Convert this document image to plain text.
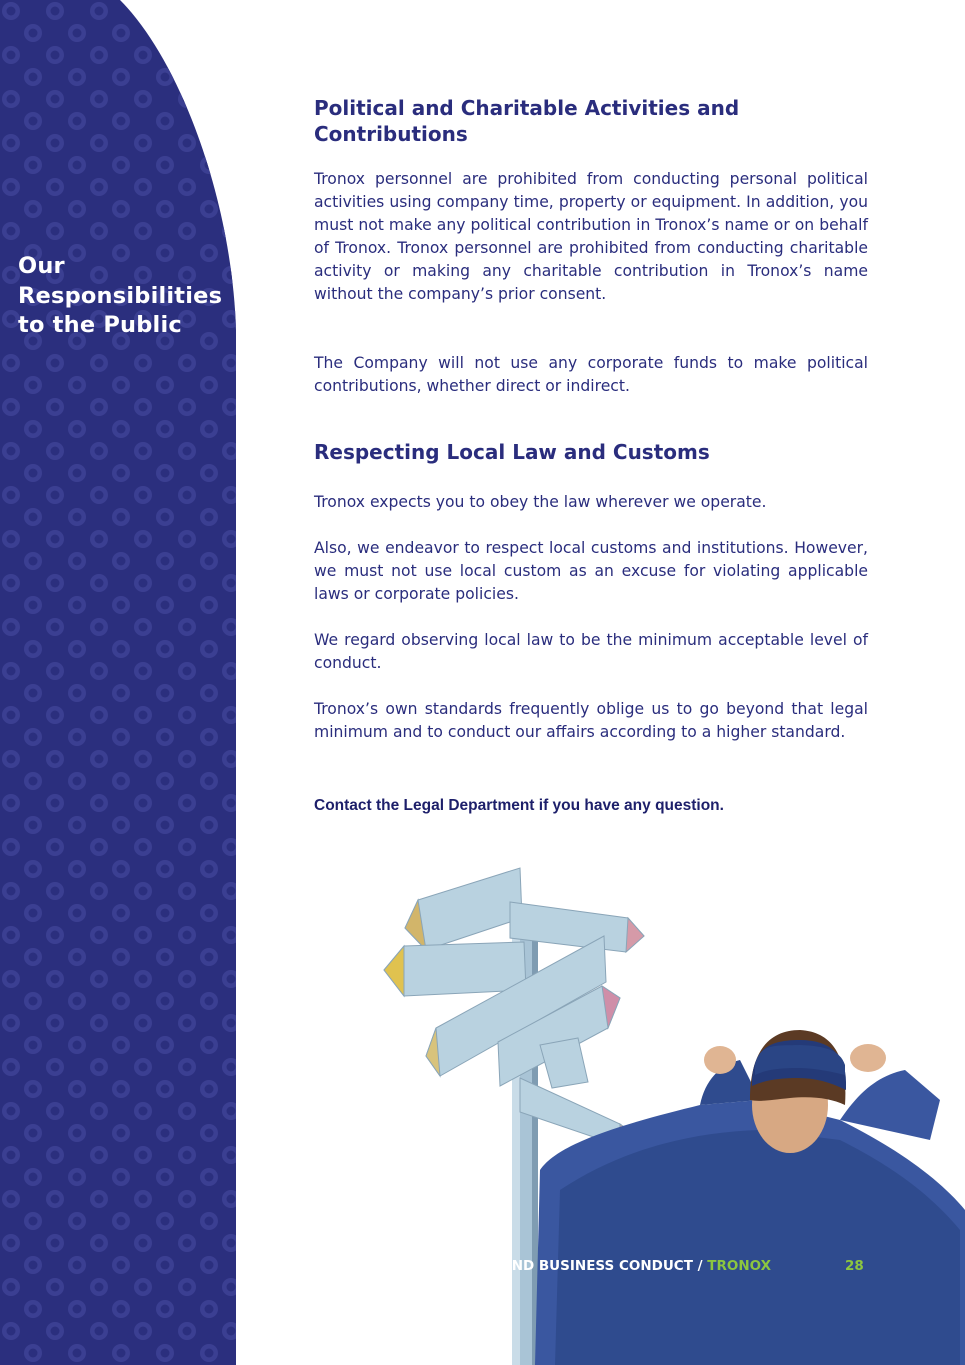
Our
Responsibilities
to the Public
Political and Charitable Activities and
Contributions

Tronox personnel are prohibited from conducting personal political activities using company time, property or equipment. In addition, you must not make any political contribution in Tronox’s name or on behalf of Tronox. Tronox personnel are prohibited from conducting charitable activity or making any charitable contribution in Tronox’s name without the company’s prior consent.

The Company will not use any corporate funds to make political contributions, whether direct or indirect.

Respecting Local Law and Customs

Tronox expects you to obey the law wherever we operate.

Also, we endeavor to respect local customs and institutions. However, we must not use local custom as an excuse for violating applicable laws or corporate policies.

We regard observing local law to be the minimum acceptable level of conduct.

Tronox’s own standards frequently oblige us to go beyond that legal minimum and to conduct our affairs according to a higher standard.

Contact the Legal Department if you have any question.

CODE OF ETHICS AND BUSINESS CONDUCT / TRONOX	28
